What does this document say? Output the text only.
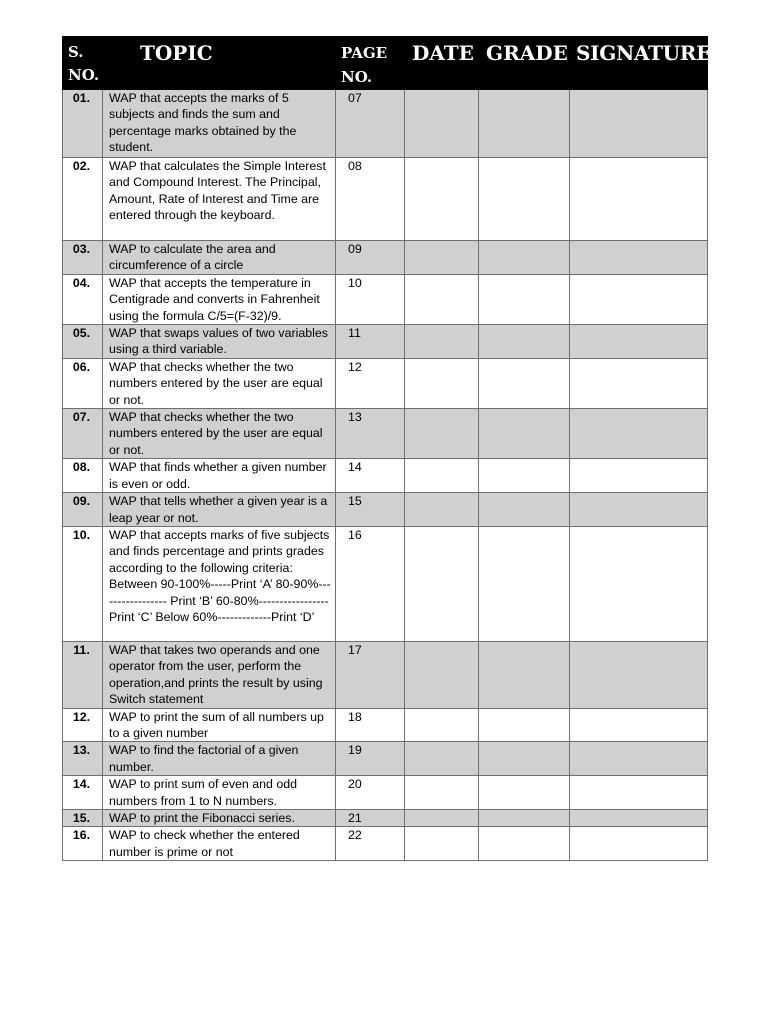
S. NO.	TOPIC	PAGE NO.	DATE	GRADE	SIGNATURE
01.	WAP that accepts the marks of 5 subjects and finds the sum and percentage marks obtained by the student.	07			
02.	WAP that calculates the Simple Interest and Compound Interest. The Principal, Amount, Rate of Interest and Time are entered through the keyboard.	08			
03.	WAP to calculate the area and circumference of a circle	09			
04.	WAP that accepts the temperature in Centigrade and converts in Fahrenheit using the formula C/5=(F-32)/9.	10			
05.	WAP that swaps values of two variables using a third variable.	11			
06.	WAP that checks whether the two numbers entered by the user are equal or not.	12			
07.	WAP that checks whether the two numbers entered by the user are equal or not.	13			
08.	WAP that finds whether a given number is even or odd.	14			
09.	WAP that tells whether a given year is a leap year or not.	15			
10.	WAP that accepts marks of five subjects and finds percentage and prints grades according to the following criteria: Between 90-100%-----Print ‘A’ 80-90%----------------- Print ‘B’ 60-80%-----------------Print ‘C’ Below 60%-------------Print ‘D’	16			
11.	WAP that takes two operands and one operator from the user, perform the operation,and prints the result by using Switch statement	17			
12.	WAP to print the sum of all numbers up to a given number	18			
13.	WAP to find the factorial of a given number.	19			
14.	WAP to print sum of even and odd numbers from 1 to N numbers.	20			
15.	WAP to print the Fibonacci series.	21			
16.	WAP to check whether the entered number is prime or not	22			
